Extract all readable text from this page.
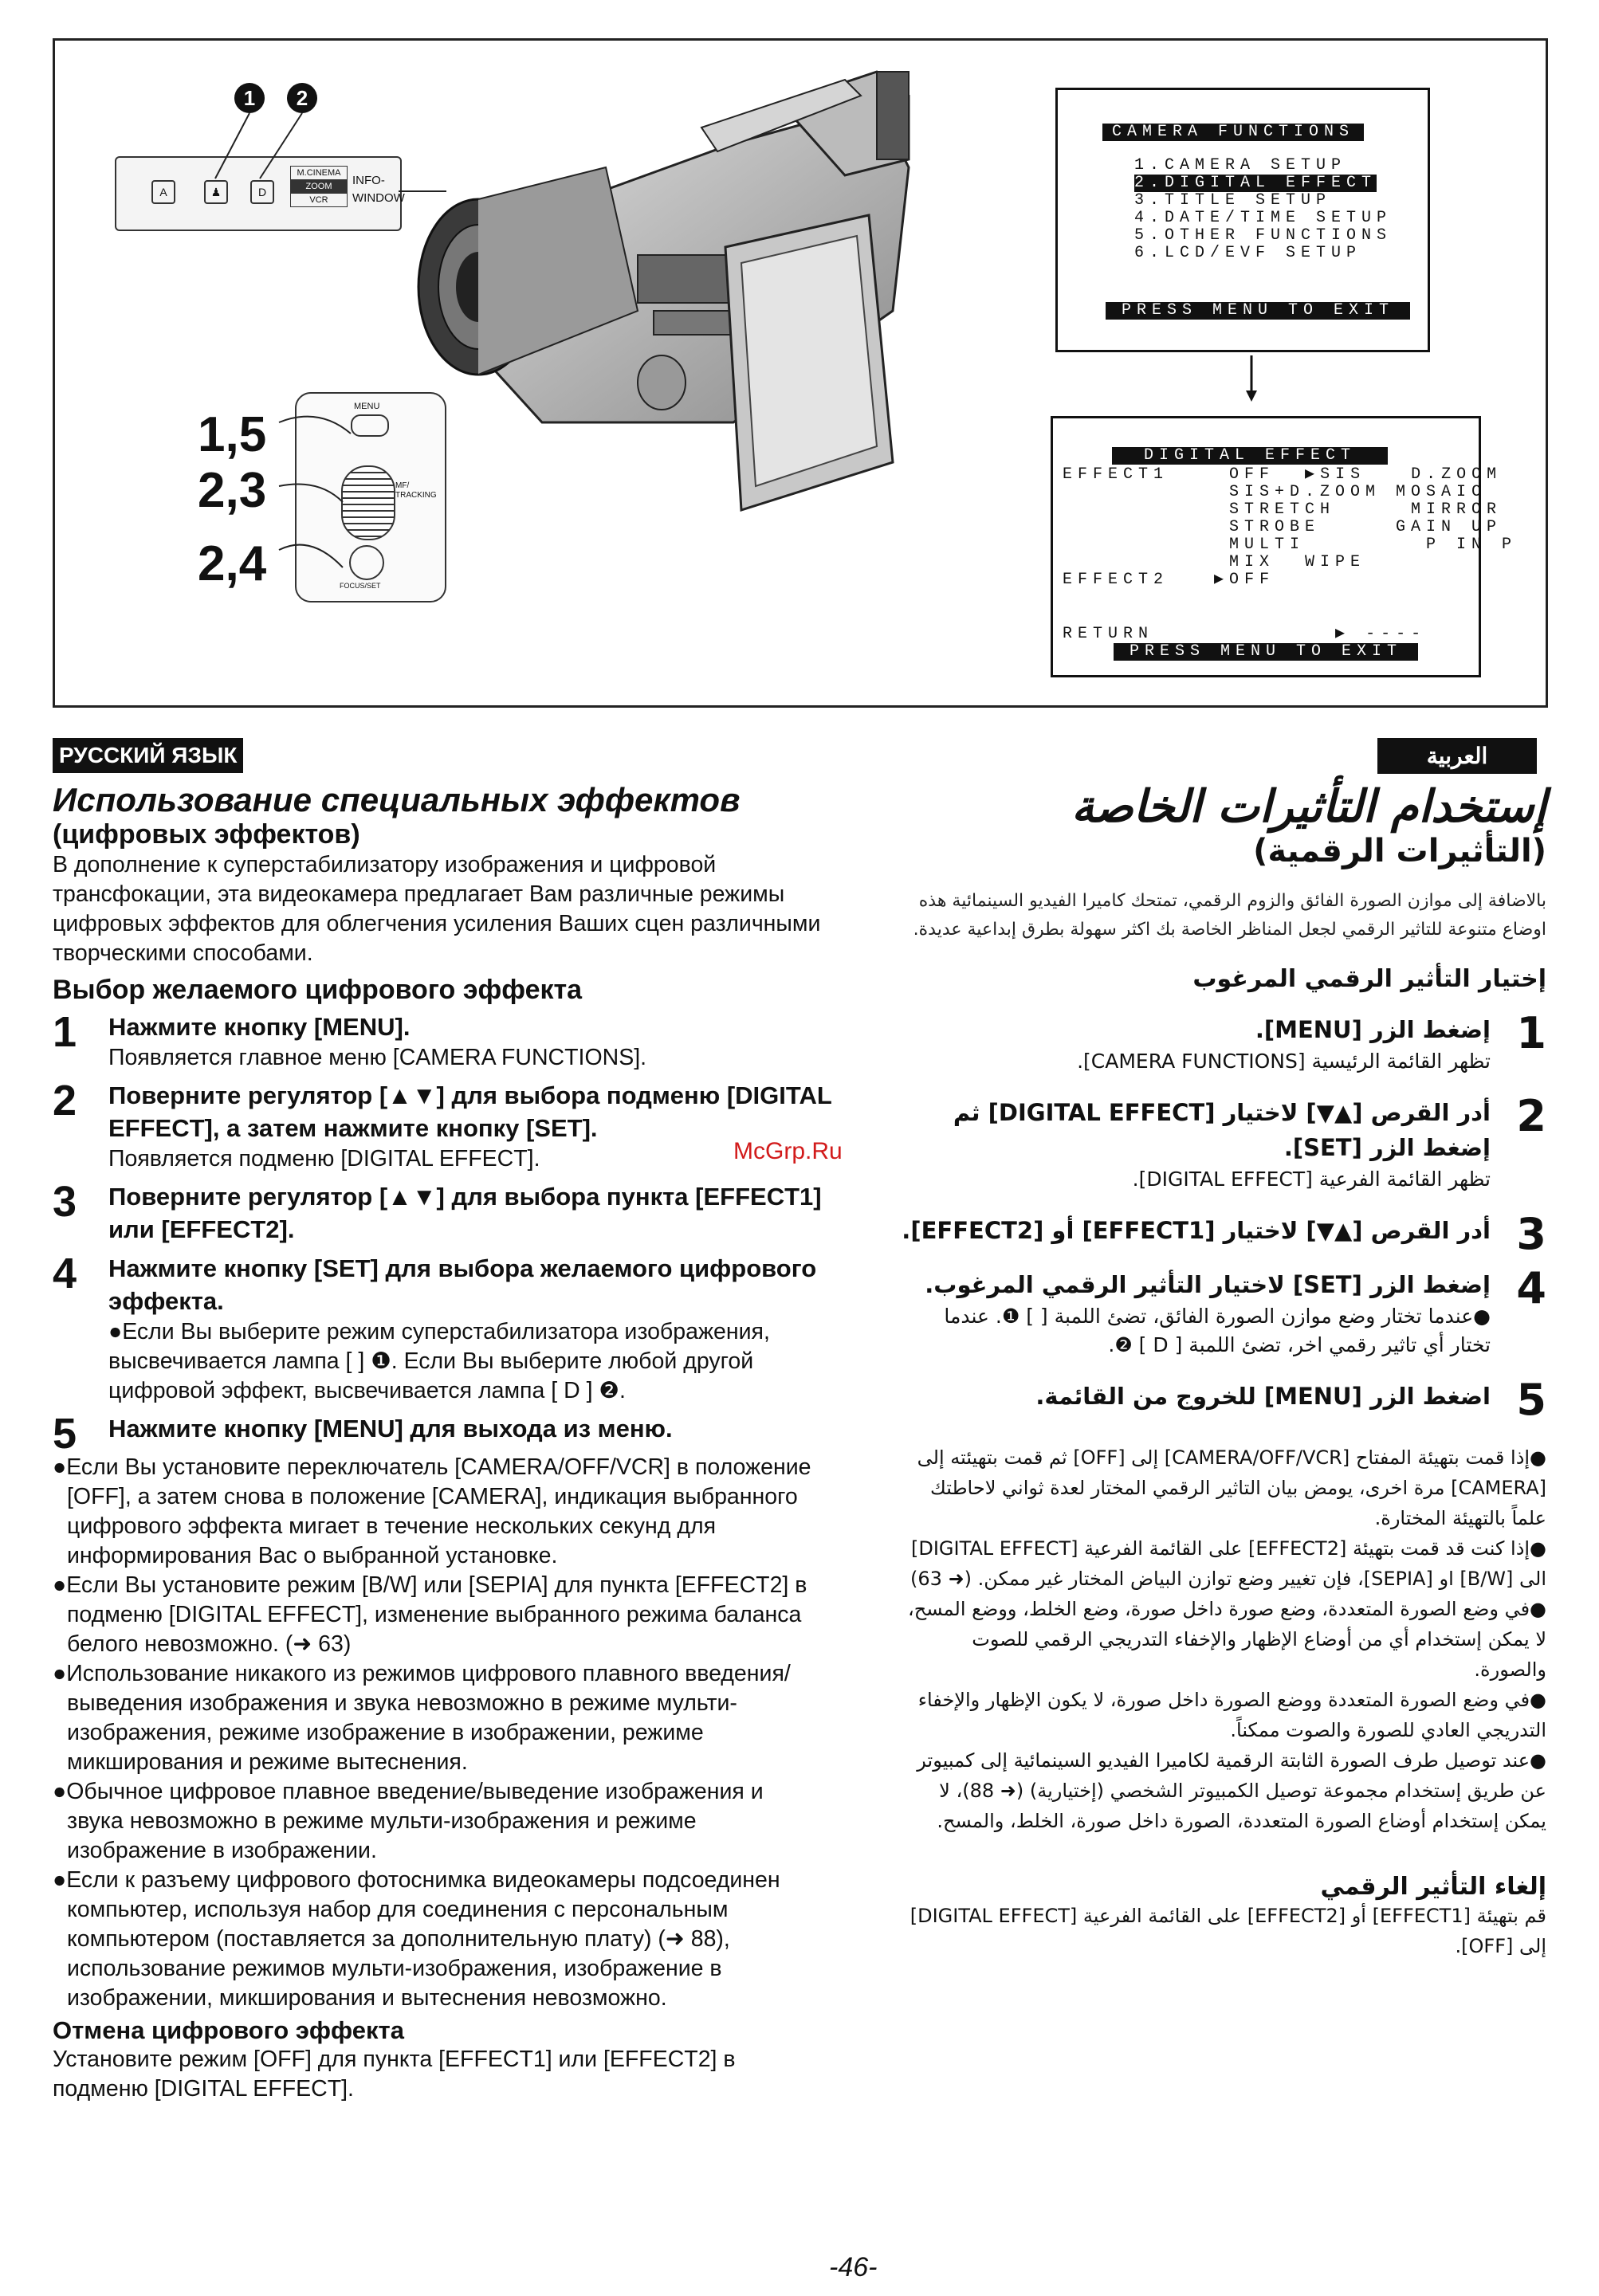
1	2
A	♟	D
M.CINEMA
ZOOM
VCR
INFO-
WINDOW
1,5
2,3
2,4
MENU
MF/
TRACKING
FOCUS/SET
CAMERA FUNCTIONS
1.CAMERA SETUP
2.DIGITAL EFFECT
3.TITLE SETUP
4.DATE/TIME SETUP
5.OTHER FUNCTIONS
6.LCD/EVF SETUP
PRESS MENU TO EXIT
DIGITAL EFFECT
EFFECT1    OFF  ▶SIS   D.ZOOM
SIS+D.ZOOM MOSAIC
STRETCH     MIRROR
STROBE     GAIN UP
MULTI        P IN P
MIX  WIPE
EFFECT2   ▶OFF
RETURN            ▶ ----
PRESS MENU TO EXIT
РУССКИЙ ЯЗЫК
Использование специальных эффектов
(цифровых эффектов)
В дополнение к суперстабилизатору изображения и цифровой трансфокации, эта видеокамера предлагает Вам различные режимы цифровых эффектов для облегчения усиления Ваших сцен различными творческими способами.
Выбор желаемого цифрового эффекта
1 Нажмите кнопку [MENU].
Появляется главное меню [CAMERA FUNCTIONS].
2 Поверните регулятор [▲▼] для выбора подменю [DIGITAL EFFECT], а затем нажмите кнопку [SET].
Появляется подменю [DIGITAL EFFECT].
3 Поверните регулятор [▲▼] для выбора пункта [EFFECT1] или [EFFECT2].
4 Нажмите кнопку [SET] для выбора желаемого цифрового эффекта.
●Если Вы выберите режим суперстабилизатора изображения, высвечивается лампа [ ] ❶. Если Вы выберите любой другой цифровой эффект, высвечивается лампа [ D ] ❷.
5 Нажмите кнопку [MENU] для выхода из меню.
●Если Вы установите переключатель [CAMERA/OFF/VCR] в положение [OFF], а затем снова в положение [CAMERA], индикация выбранного цифрового эффекта мигает в течение нескольких секунд для информирования Вас о выбранной установке.
●Если Вы установите режим [B/W] или [SEPIA] для пункта [EFFECT2] в подменю [DIGITAL EFFECT], изменение выбранного режима баланса белого невозможно. (➜ 63)
●Использование никакого из режимов цифрового плавного введения/выведения изображения и звука невозможно в режиме мульти-изображения, режиме изображение в изображении, режиме микширования и режиме вытеснения.
●Обычное цифровое плавное введение/выведение изображения и звука невозможно в режиме мульти-изображения и режиме изображение в изображении.
●Если к разъему цифрового фотоснимка видеокамеры подсоединен компьютер, используя набор для соединения с персональным компьютером (поставляется за дополнительную плату) (➜ 88), использование режимов мульти-изображения, изображение в изображении, микширования и вытеснения невозможно.
Отмена цифрового эффекта
Установите режим [OFF] для пункта [EFFECT1] или [EFFECT2] в подменю [DIGITAL EFFECT].
العربية
إستخدام التأثيرات الخاصة
(التأثيرات الرقمية)
بالاضافة إلى موازن الصورة الفائق والزوم الرقمي، تمتحك كاميرا الفيديو السينمائية هذه اوضاع متنوعة للتاثير الرقمي لجعل المناظر الخاصة بك اكثر سهولة بطرق إبداعية عديدة.
إختيار التأثير الرقمي المرغوب
1
إضغط الزر [MENU].
تظهر القائمة الرئيسية [CAMERA FUNCTIONS].
2
أدر القرص [▲▼] لاختيار [DIGITAL EFFECT] ثم إضغط الزر [SET].
تظهر القائمة الفرعية [DIGITAL EFFECT].
3
أدر القرص [▲▼] لاختيار [EFFECT1] أو [EFFECT2].
4
إضغط الزر [SET] لاختيار التأثير الرقمي المرغوب.
●عندما تختار وضع موازن الصورة الفائق، تضئ اللمبة [ ] ❶. عندما تختار أي تاثير رقمي اخر، تضئ اللمبة [ D ] ❷.
5
اضغط الزر [MENU] للخروج من القائمة.
●إذا قمت بتهيئة المفتاح [CAMERA/OFF/VCR] إلى [OFF] ثم قمت بتهيئته إلى [CAMERA] مرة اخرى، يومض بيان التاثير الرقمي المختار لعدة ثواني لاحاطتك علماً بالتهيئة المختارة.
●إذا كنت قد قمت بتهيئة [EFFECT2] على القائمة الفرعية [DIGITAL EFFECT] الى [B/W] او [SEPIA]، فإن تغيير وضع توازن البياض المختار غير ممكن. (➜ 63)
●في وضع الصورة المتعددة، وضع صورة داخل صورة، وضع الخلط، ووضع المسح، لا يمكن إستخدام أي من أوضاع الإظهار والإخفاء التدريجي الرقمي للصوت والصورة.
●في وضع الصورة المتعددة ووضع الصورة داخل صورة، لا يكون الإظهار والإخفاء التدريجي العادي للصورة والصوت ممكناً.
●عند توصيل طرف الصورة الثابتة الرقمية لكاميرا الفيديو السينمائية إلى كمبيوتر عن طريق إستخدام مجموعة توصيل الكمبيوتر الشخصي (إختيارية) (➜ 88)، لا يمكن إستخدام أوضاع الصورة المتعددة، الصورة داخل صورة، الخلط، والمسح.
إلغاء التأثير الرقمي
قم بتهيئة [EFFECT1] أو [EFFECT2] على القائمة الفرعية [DIGITAL EFFECT] إلى [OFF].
McGrp.Ru
-46-
